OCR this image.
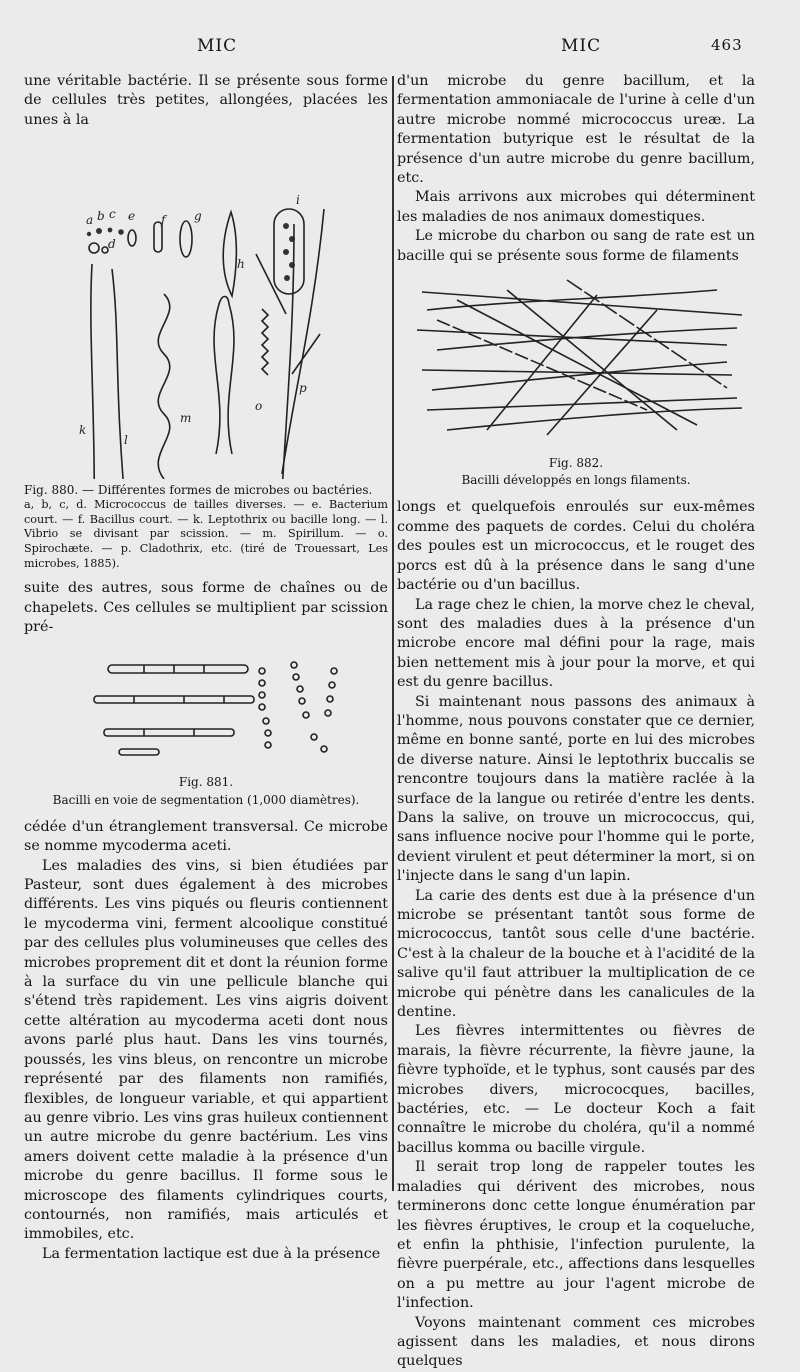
MIC	MIC	463

une véritable bactérie. Il se présente sous forme de cellules très petites, allongées, placées les unes à la

a b c
d
e f g
h
i
k
l
m
o
p
Fig. 880. — Différentes formes de microbes ou bactéries.
a, b, c, d. Micrococcus de tailles diverses. — e. Bacterium court. — f. Bacillus court. — k. Leptothrix ou bacille long. — l. Vibrio se divisant par scission. — m. Spirillum. — o. Spirochæte. — p. Cladothrix, etc. (tiré de Trouessart, Les microbes, 1885).

suite des autres, sous forme de chaînes ou de chapelets. Ces cellules se multiplient par scission pré-

Fig. 881.
Bacilli en voie de segmentation (1,000 diamètres).

cédée d'un étranglement transversal. Ce microbe se nomme mycoderma aceti.

Les maladies des vins, si bien étudiées par Pasteur, sont dues également à des microbes différents. Les vins piqués ou fleuris contiennent le mycoderma vini, ferment alcoolique constitué par des cellules plus volumineuses que celles des microbes proprement dit et dont la réunion forme à la surface du vin une pellicule blanche qui s'étend très rapidement. Les vins aigris doivent cette altération au mycoderma aceti dont nous avons parlé plus haut. Dans les vins tournés, poussés, les vins bleus, on rencontre un microbe représenté par des filaments non ramifiés, flexibles, de longueur variable, et qui appartient au genre vibrio. Les vins gras huileux contiennent un autre microbe du genre bactérium. Les vins amers doivent cette maladie à la présence d'un microbe du genre bacillus. Il forme sous le microscope des filaments cylindriques courts, contournés, non ramifiés, mais articulés et immobiles, etc.

La fermentation lactique est due à la présence

d'un microbe du genre bacillum, et la fermentation ammoniacale de l'urine à celle d'un autre microbe nommé micrococcus ureæ. La fermentation butyrique est le résultat de la présence d'un autre microbe du genre bacillum, etc.

Mais arrivons aux microbes qui déterminent les maladies de nos animaux domestiques.

Le microbe du charbon ou sang de rate est un bacille qui se présente sous forme de filaments

Fig. 882.
Bacilli développés en longs filaments.

longs et quelquefois enroulés sur eux-mêmes comme des paquets de cordes. Celui du choléra des poules est un micrococcus, et le rouget des porcs est dû à la présence dans le sang d'une bactérie ou d'un bacillus.

La rage chez le chien, la morve chez le cheval, sont des maladies dues à la présence d'un microbe encore mal défini pour la rage, mais bien nettement mis à jour pour la morve, et qui est du genre bacillus.

Si maintenant nous passons des animaux à l'homme, nous pouvons constater que ce dernier, même en bonne santé, porte en lui des microbes de diverse nature. Ainsi le leptothrix buccalis se rencontre toujours dans la matière raclée à la surface de la langue ou retirée d'entre les dents. Dans la salive, on trouve un micrococcus, qui, sans influence nocive pour l'homme qui le porte, devient virulent et peut déterminer la mort, si on l'injecte dans le sang d'un lapin.

La carie des dents est due à la présence d'un microbe se présentant tantôt sous forme de micrococcus, tantôt sous celle d'une bactérie. C'est à la chaleur de la bouche et à l'acidité de la salive qu'il faut attribuer la multiplication de ce microbe qui pénètre dans les canalicules de la dentine.

Les fièvres intermittentes ou fièvres de marais, la fièvre récurrente, la fièvre jaune, la fièvre typhoïde, et le typhus, sont causés par des microbes divers, micrococques, bacilles, bactéries, etc. — Le docteur Koch a fait connaître le microbe du choléra, qu'il a nommé bacillus komma ou bacille virgule.

Il serait trop long de rappeler toutes les maladies qui dérivent des microbes, nous terminerons donc cette longue énumération par les fièvres éruptives, le croup et la coqueluche, et enfin la phthisie, l'infection purulente, la fièvre puerpérale, etc., affections dans lesquelles on a pu mettre au jour l'agent microbe de l'infection.

Voyons maintenant comment ces microbes agissent dans les maladies, et nous dirons quelques
